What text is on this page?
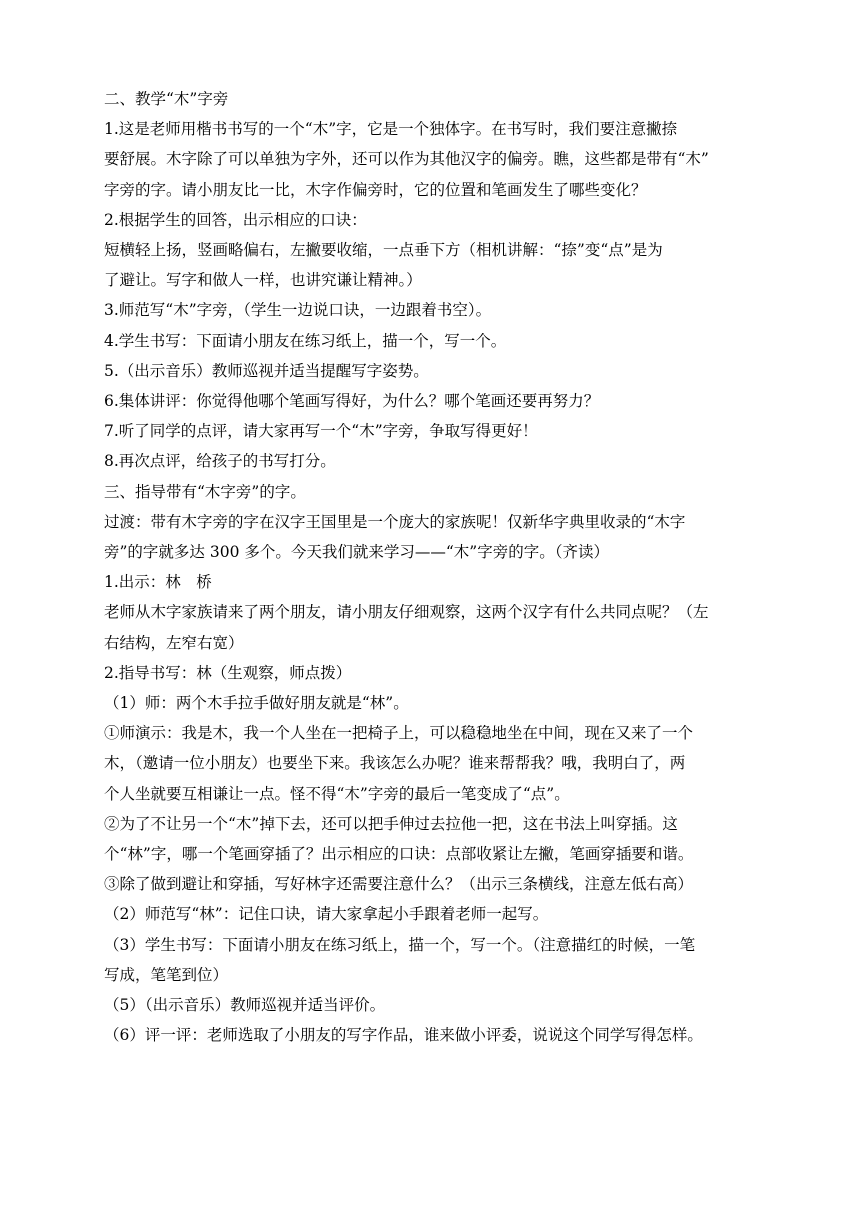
二、教学“木”字旁
1.这是老师用楷书书写的一个“木”字，它是一个独体字。在书写时，我们要注意撇捺
要舒展。木字除了可以单独为字外，还可以作为其他汉字的偏旁。瞧，这些都是带有“木”
字旁的字。请小朋友比一比，木字作偏旁时，它的位置和笔画发生了哪些变化？
2.根据学生的回答，出示相应的口诀：
短横轻上扬，竖画略偏右，左撇要收缩，一点垂下方（相机讲解：“捺”变“点”是为
了避让。写字和做人一样，也讲究谦让精神。）
3.师范写“木”字旁，（学生一边说口诀，一边跟着书空）。
4.学生书写：下面请小朋友在练习纸上，描一个，写一个。
5.（出示音乐）教师巡视并适当提醒写字姿势。
6.集体讲评：你觉得他哪个笔画写得好，为什么？哪个笔画还要再努力？
7.听了同学的点评，请大家再写一个“木”字旁，争取写得更好！
8.再次点评，给孩子的书写打分。
三、指导带有“木字旁”的字。
过渡：带有木字旁的字在汉字王国里是一个庞大的家族呢！仅新华字典里收录的“木字
旁”的字就多达 300 多个。今天我们就来学习——“木”字旁的字。（齐读）
1.出示：林　桥
老师从木字家族请来了两个朋友，请小朋友仔细观察，这两个汉字有什么共同点呢？（左
右结构，左窄右宽）
2.指导书写：林（生观察，师点拨）
（1）师：两个木手拉手做好朋友就是“林”。
①师演示：我是木，我一个人坐在一把椅子上，可以稳稳地坐在中间，现在又来了一个
木，（邀请一位小朋友）也要坐下来。我该怎么办呢？谁来帮帮我？哦，我明白了，两
个人坐就要互相谦让一点。怪不得“木”字旁的最后一笔变成了“点”。
②为了不让另一个“木”掉下去，还可以把手伸过去拉他一把，这在书法上叫穿插。这
个“林”字，哪一个笔画穿插了？出示相应的口诀：点部收紧让左撇，笔画穿插要和谐。
③除了做到避让和穿插，写好林字还需要注意什么？（出示三条横线，注意左低右高）
（2）师范写“林”：记住口诀，请大家拿起小手跟着老师一起写。
（3）学生书写：下面请小朋友在练习纸上，描一个，写一个。（注意描红的时候，一笔
写成，笔笔到位）
（5）（出示音乐）教师巡视并适当评价。
（6）评一评：老师选取了小朋友的写字作品，谁来做小评委，说说这个同学写得怎样。
